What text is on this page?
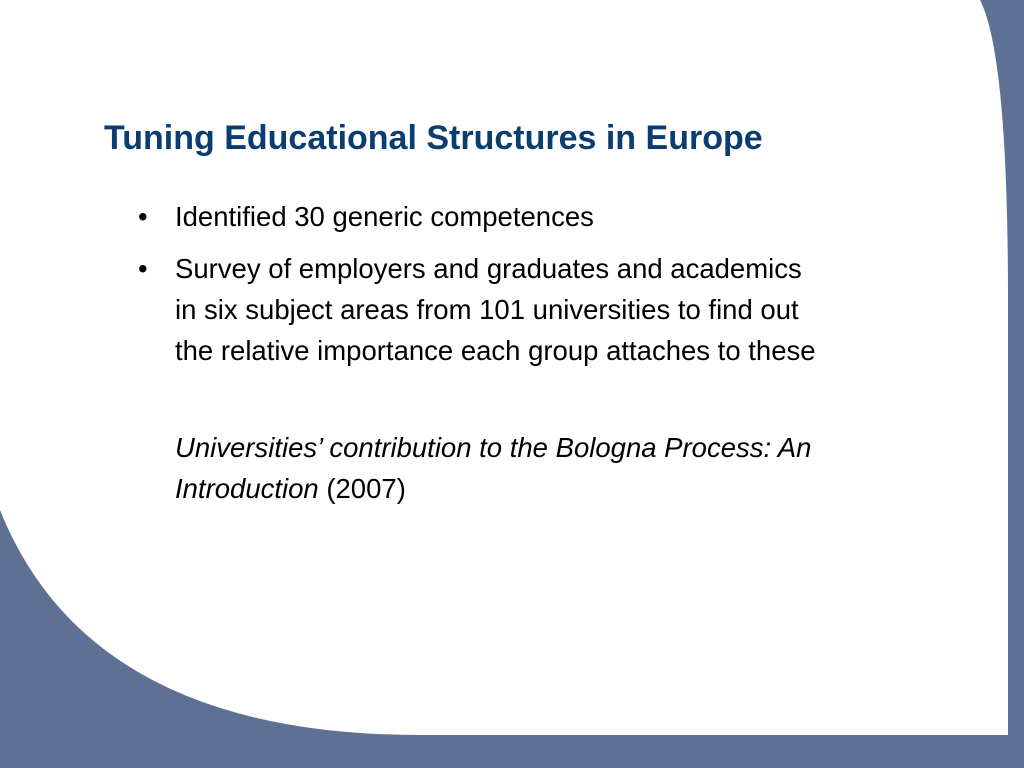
Tuning Educational Structures in Europe
• Identified 30 generic competences
• Survey of employers and graduates and academics
in six subject areas from 101 universities to find out
the relative importance each group attaches to these

Universities’ contribution to the Bologna Process: An
Introduction (2007)
